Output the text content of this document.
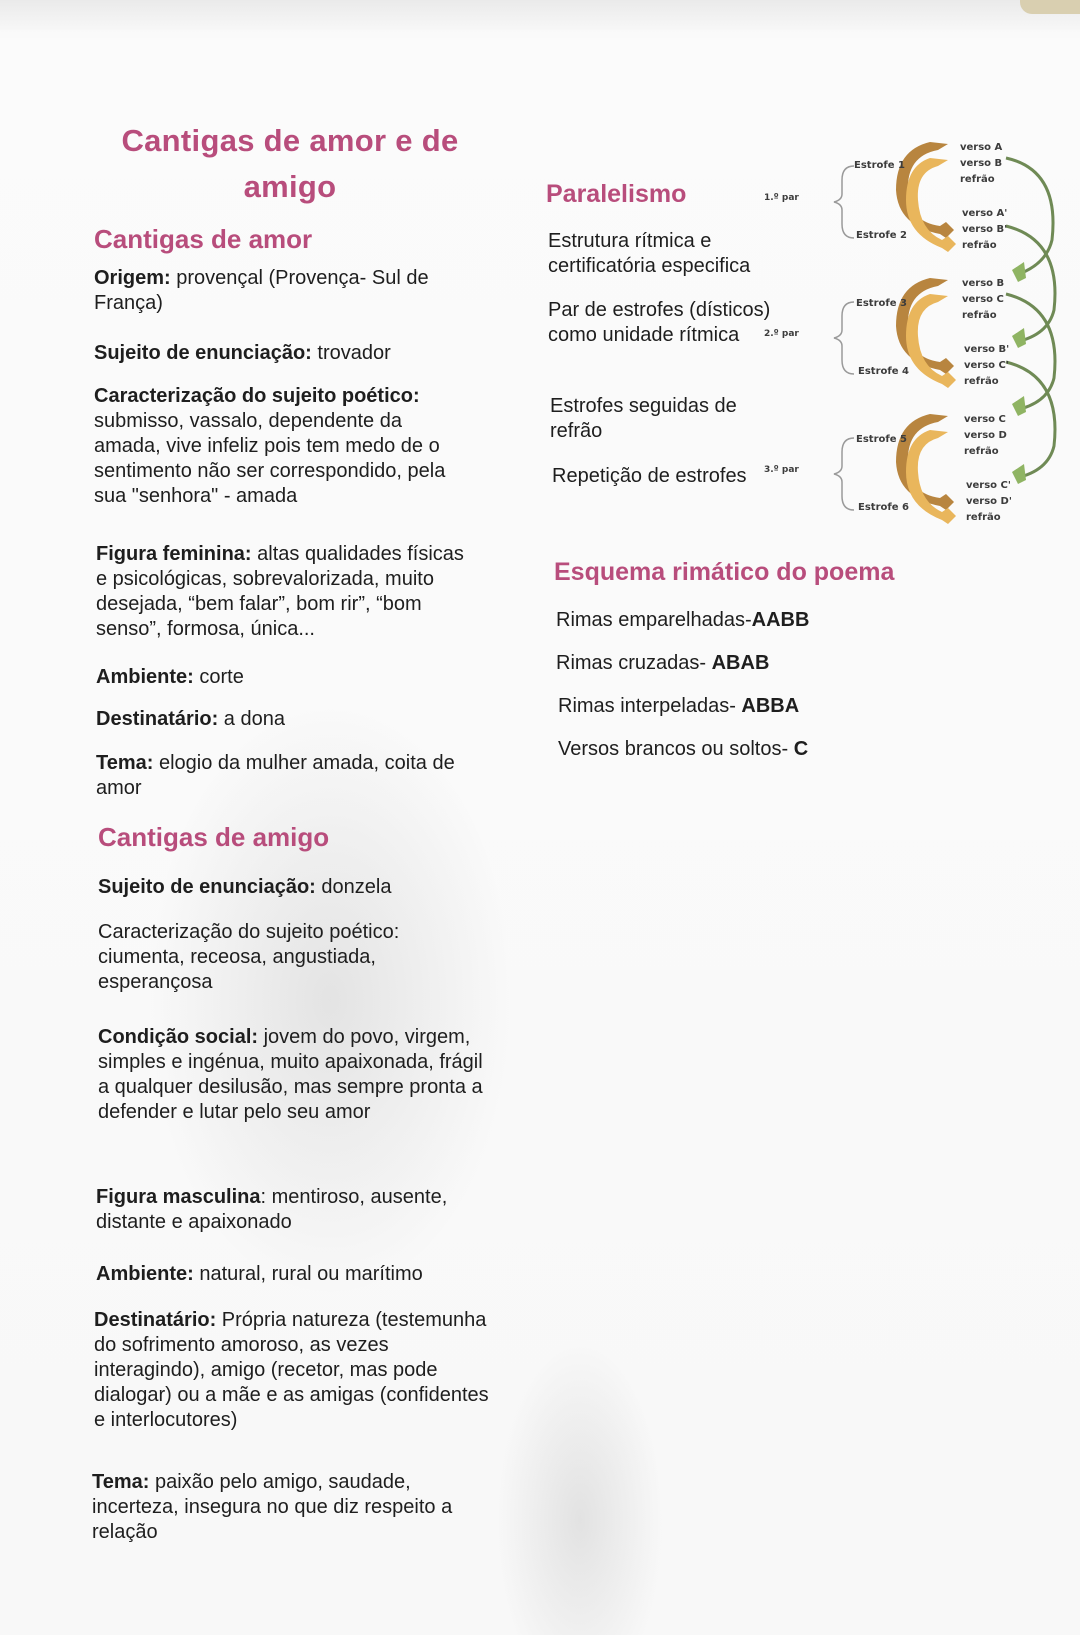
Cantigas de amor e de
amigo
Cantigas de amor
Origem: provençal (Provença- Sul de França)
Sujeito de enunciação: trovador
Caracterização do sujeito poético: submisso, vassalo, dependente da amada, vive infeliz pois tem medo de o sentimento não ser correspondido, pela sua "senhora" - amada
Figura feminina: altas qualidades físicas e psicológicas, sobrevalorizada, muito desejada, “bem falar”, bom rir”, “bom senso”, formosa, única...
Ambiente: corte
Destinatário: a dona
Tema: elogio da mulher amada, coita de amor
Cantigas de amigo
Sujeito de enunciação: donzela
Caracterização do sujeito poético: ciumenta, receosa, angustiada, esperançosa
Condição social: jovem do povo, virgem, simples e ingénua, muito apaixonada, frágil a qualquer desilusão, mas sempre pronta a defender e lutar pelo seu amor
Figura masculina: mentiroso, ausente, distante e apaixonado
Ambiente: natural, rural ou marítimo
Destinatário: Própria natureza (testemunha do sofrimento amoroso, as vezes interagindo), amigo (recetor, mas pode dialogar) ou a mãe e as amigas (confidentes e interlocutores)
Tema: paixão pelo amigo, saudade, incerteza, insegura no que diz respeito a relação
Paralelismo
Estrutura rítmica e certificatória especifica
Par de estrofes (dísticos) como unidade rítmica
Estrofes seguidas de refrão
Repetição de estrofes
1.º par
2.º par
3.º par
Estrofe 1
Estrofe 2
Estrofe 3
Estrofe 4
Estrofe 5
Estrofe 6
verso A
verso B
refrão
verso A'
verso B'
refrão
verso B
verso C
refrão
verso B'
verso C'
refrão
verso C
verso D
refrão
verso C'
verso D'
refrão
Esquema rimático do poema
Rimas emparelhadas-AABB
Rimas cruzadas- ABAB
Rimas interpeladas- ABBA
Versos brancos ou soltos- C
